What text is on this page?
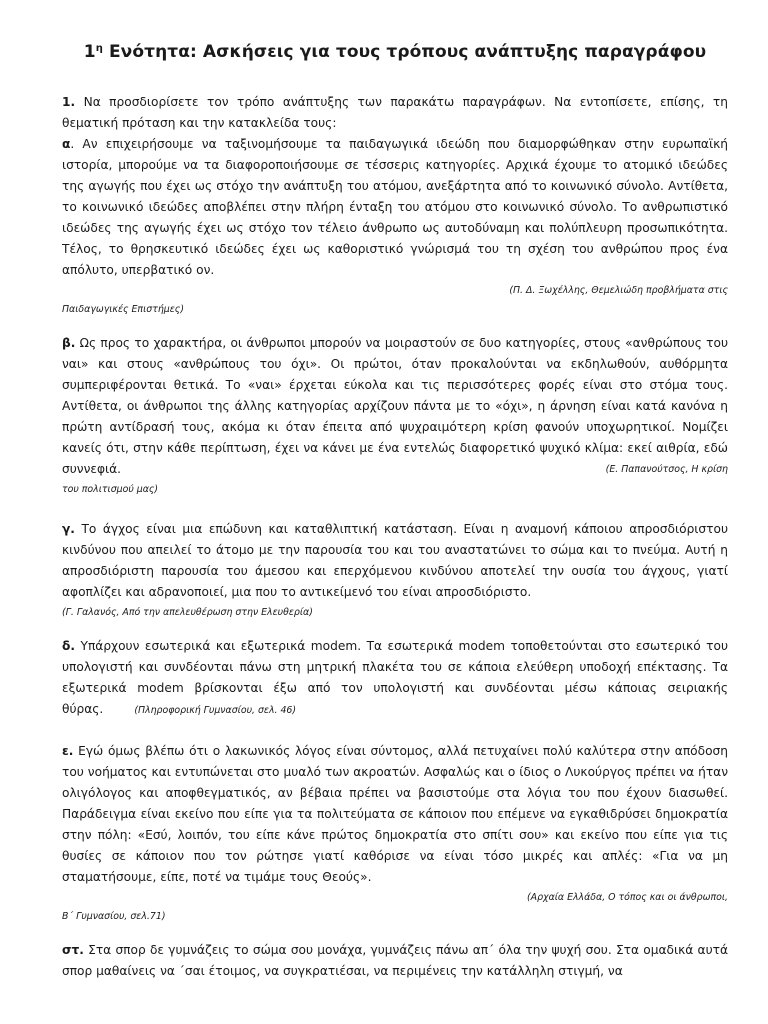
$1^\eta$ Ενότητα: Ασκήσεις για τους τρόπους ανάπτυξης παραγράφου

1. Να προσδιορίσετε τον τρόπο ανάπτυξης των παρακάτω παραγράφων. Να εντοπίσετε, επίσης, τη θεματική πρόταση και την κατακλείδα τους:
α. Αν επιχειρήσουμε να ταξινομήσουμε τα παιδαγωγικά ιδεώδη που διαμορφώθηκαν στην ευρωπαϊκή ιστορία, μπορούμε να τα διαφοροποιήσουμε σε τέσσερις κατηγορίες. Αρχικά έχουμε το ατομικό ιδεώδες της αγωγής που έχει ως στόχο την ανάπτυξη του ατόμου, ανεξάρτητα από το κοινωνικό σύνολο. Αντίθετα, το κοινωνικό ιδεώδες αποβλέπει στην πλήρη ένταξη του ατόμου στο κοινωνικό σύνολο. Το ανθρωπιστικό ιδεώδες της αγωγής έχει ως στόχο τον τέλειο άνθρωπο ως αυτοδύναμη και πολύπλευρη προσωπικότητα. Τέλος, το θρησκευτικό ιδεώδες έχει ως καθοριστικό γνώρισμά του τη σχέση του ανθρώπου προς ένα απόλυτο, υπερβατικό ον.

(Π. Δ. Ξωχέλλης, Θεμελιώδη προβλήματα στις

Παιδαγωγικές Επιστήμες)

β. Ως προς το χαρακτήρα, οι άνθρωποι μπορούν να μοιραστούν σε δυο κατηγορίες, στους «ανθρώπους του ναι» και στους «ανθρώπους του όχι». Οι πρώτοι, όταν προκαλούνται να εκδηλωθούν, αυθόρμητα συμπεριφέρονται θετικά. Το «ναι» έρχεται εύκολα και τις περισσότερες φορές είναι στο στόμα τους. Αντίθετα, οι άνθρωποι της άλλης κατηγορίας αρχίζουν πάντα με το «όχι», η άρνηση είναι κατά κανόνα η πρώτη αντίδρασή τους, ακόμα κι όταν έπειτα από ψυχραιμότερη κρίση φανούν υποχωρητικοί. Νομίζει κανείς ότι, στην κάθε περίπτωση, έχει να κάνει με ένα εντελώς διαφορετικό ψυχικό κλίμα: εκεί αιθρία, εδώ συννεφιά.	(Ε. Παπανoύτσος, Η κρίση

του πολιτισμού μας)

γ. Το άγχος είναι μια επώδυνη και καταθλιπτική κατάσταση. Είναι η αναμονή κάποιου απροσδιόριστου κινδύνου που απειλεί το άτομο με την παρουσία του και του αναστατώνει το σώμα και το πνεύμα. Αυτή η απροσδιόριστη παρουσία του άμεσου και επερχόμενου κινδύνου αποτελεί την ουσία του άγχους, γιατί αφοπλίζει και αδρανοποιεί, μια που το αντικείμενό του είναι απροσδιόριστο.

(Γ. Γαλανός, Από την απελευθέρωση στην Ελευθερία)

δ. Υπάρχουν εσωτερικά και εξωτερικά modem. Τα εσωτερικά modem τοποθετούνται στο εσωτερικό του υπολογιστή και συνδέονται πάνω στη μητρική πλακέτα του σε κάποια ελεύθερη υποδοχή επέκτασης. Τα εξωτερικά modem βρίσκονται έξω από τον υπολογιστή και συνδέονται μέσω κάποιας σειριακής θύρας.	(Πληροφορική Γυμνασίου, σελ. 46)

ε. Εγώ όμως βλέπω ότι ο λακωνικός λόγος είναι σύντομος, αλλά πετυχαίνει πολύ καλύτερα στην απόδοση του νοήματος και εντυπώνεται στο μυαλό των ακροατών. Ασφαλώς και ο ίδιος ο Λυκούργος πρέπει να ήταν ολιγόλογος και αποφθεγματικός, αν βέβαια πρέπει να βασιστούμε στα λόγια του που έχουν διασωθεί. Παράδειγμα είναι εκείνο που είπε για τα πολιτεύματα σε κάποιον που επέμενε να εγκαθιδρύσει δημοκρατία στην πόλη: «Εσύ, λοιπόν, του είπε κάνε πρώτος δημοκρατία στο σπίτι σου» και εκείνο που είπε για τις θυσίες σε κάποιον που τον ρώτησε γιατί καθόρισε να είναι τόσο μικρές και απλές: «Για να μη σταματήσουμε, είπε, ποτέ να τιμάμε τους Θεούς».

(Αρχαία Ελλάδα, Ο τόπος και οι άνθρωποι,

Β΄ Γυμνασίου, σελ.71)

στ. Στα σπορ δε γυμνάζεις το σώμα σου μονάχα, γυμνάζεις πάνω απ΄ όλα την ψυχή σου. Στα ομαδικά αυτά σπορ μαθαίνεις να ΄σαι έτοιμος, να συγκρατιέσαι, να περιμένεις την κατάλληλη στιγμή, να
